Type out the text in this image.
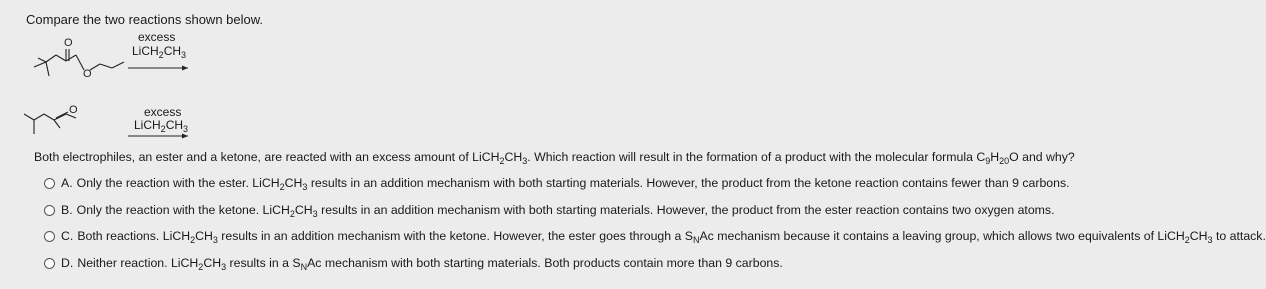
Compare the two reactions shown below.
O
O
O
excess
$LiCH_2CH_3$
excess
$LiCH_2CH_3$
Both electrophiles, an ester and a ketone, are reacted with an excess amount of $LiCH_2CH_3$. Which reaction will result in the formation of a product with the molecular formula $C_9H_{20}O$ and why?
A. Only the reaction with the ester. $LiCH_2CH_3$ results in an addition mechanism with both starting materials. However, the product from the ketone reaction contains fewer than 9 carbons.
B. Only the reaction with the ketone. $LiCH_2CH_3$ results in an addition mechanism with both starting materials. However, the product from the ester reaction contains two oxygen atoms.
C. Both reactions. $LiCH_2CH_3$ results in an addition mechanism with the ketone. However, the ester goes through a $S_NAc$ mechanism because it contains a leaving group, which allows two equivalents of $LiCH_2CH_3$ to attack.
D. Neither reaction. $LiCH_2CH_3$ results in a $S_NAc$ mechanism with both starting materials. Both products contain more than 9 carbons.
